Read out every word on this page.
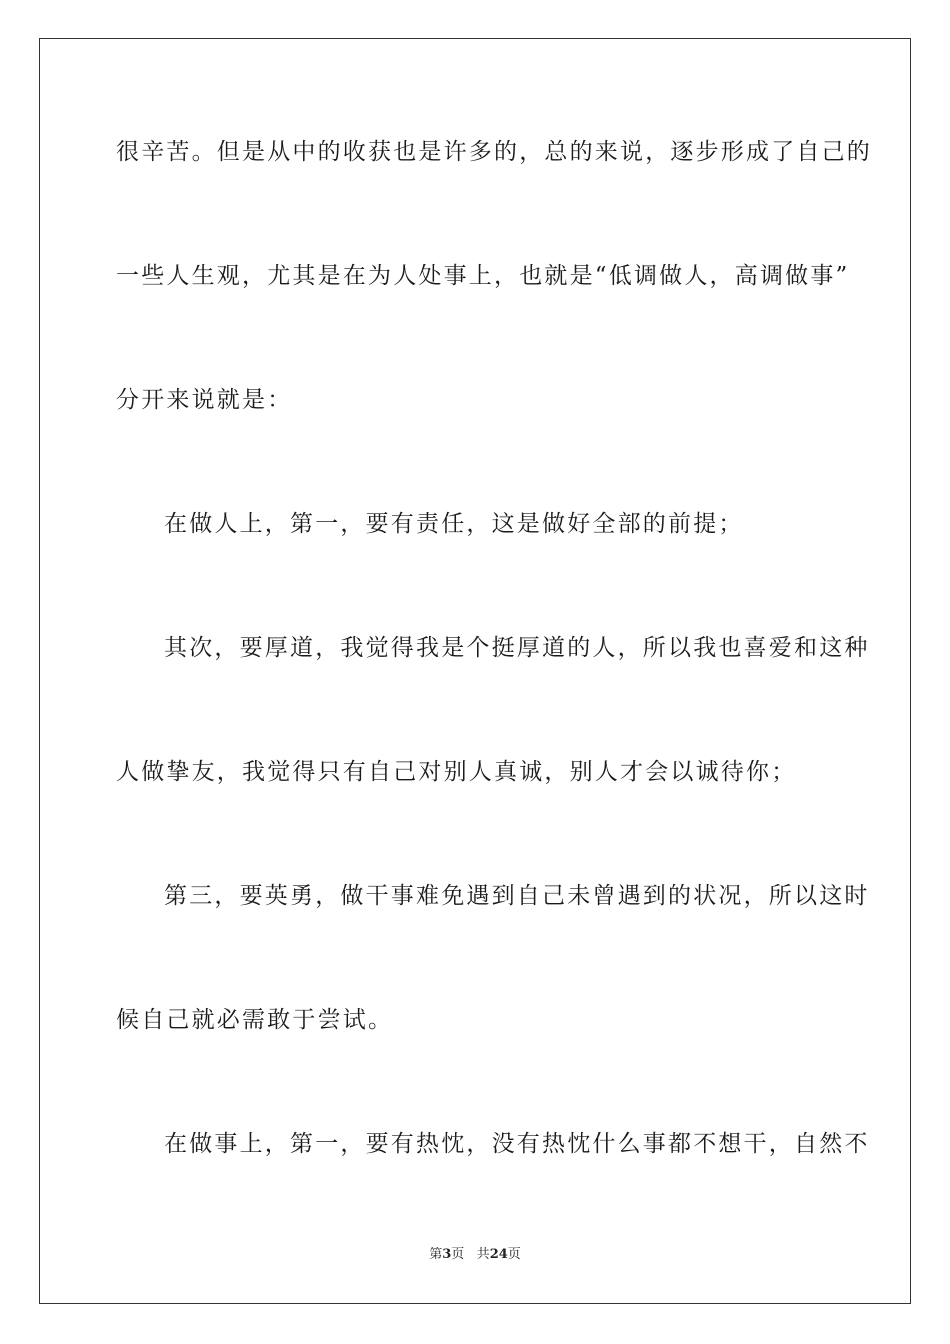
很辛苦。但是从中的收获也是许多的，总的来说，逐步形成了自己的
一些人生观，尤其是在为人处事上，也就是“低调做人，高调做事”
分开来说就是：
在做人上，第一，要有责任，这是做好全部的前提；
其次，要厚道，我觉得我是个挺厚道的人，所以我也喜爱和这种
人做挚友，我觉得只有自己对别人真诚，别人才会以诚待你；
第三，要英勇，做干事难免遇到自己未曾遇到的状况，所以这时
候自己就必需敢于尝试。
在做事上，第一，要有热忱，没有热忱什么事都不想干，自然不
第3页 共24页
